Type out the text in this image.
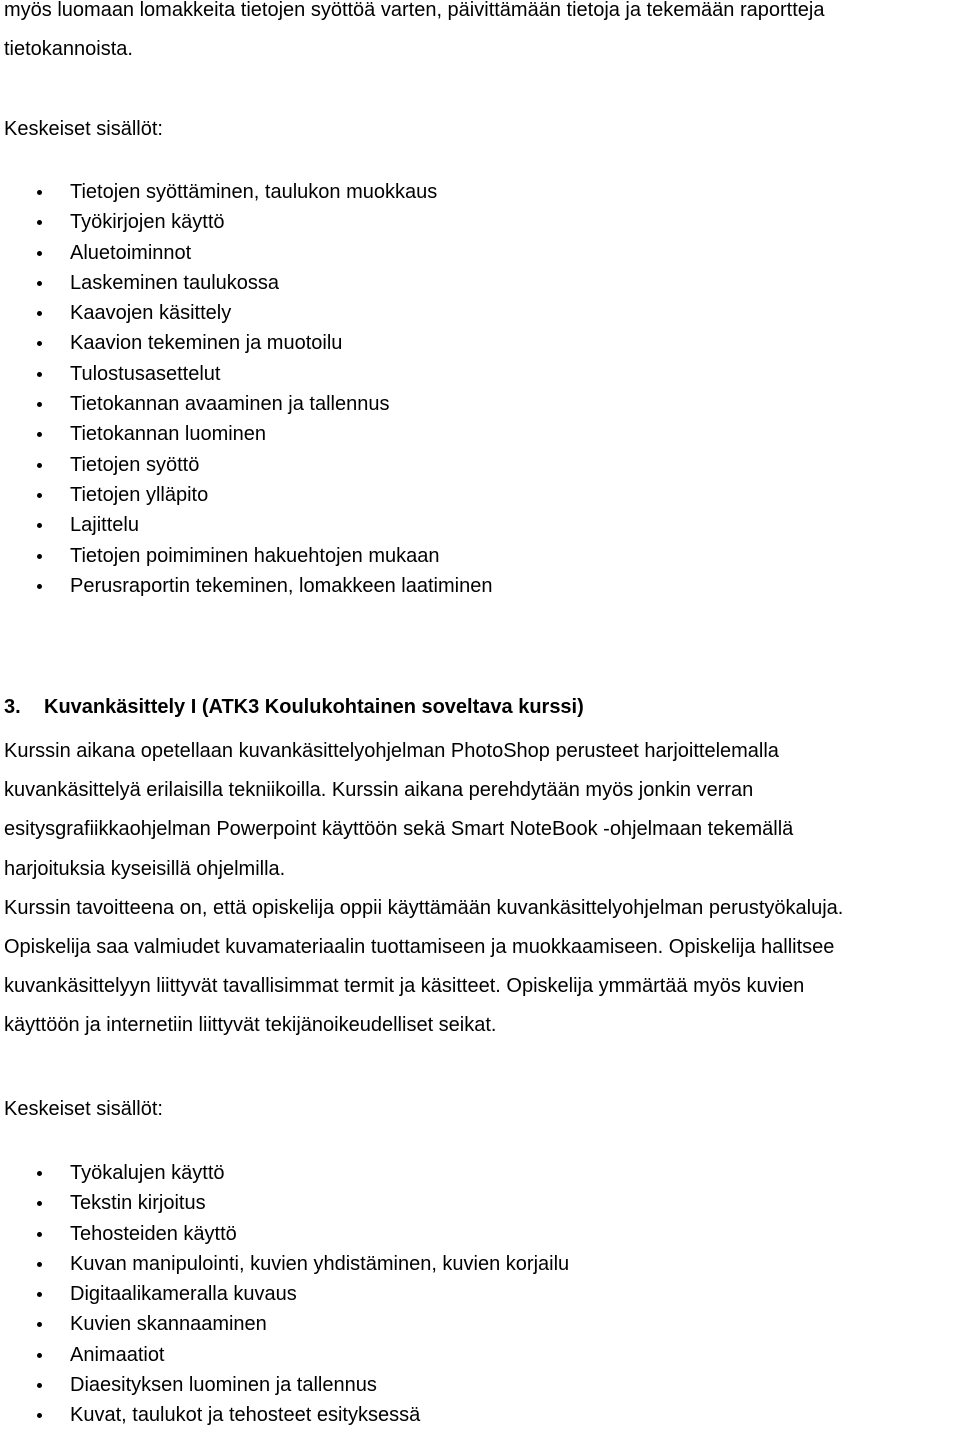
myös luomaan lomakkeita tietojen syöttöä varten, päivittämään tietoja ja tekemään raportteja
tietokannoista.

Keskeiset sisällöt:

Tietojen syöttäminen, taulukon muokkaus
Työkirjojen käyttö
Aluetoiminnot
Laskeminen taulukossa
Kaavojen käsittely
Kaavion tekeminen ja muotoilu
Tulostusasettelut
Tietokannan avaaminen ja tallennus
Tietokannan luominen
Tietojen syöttö
Tietojen ylläpito
Lajittelu
Tietojen poimiminen hakuehtojen mukaan
Perusraportin tekeminen, lomakkeen laatiminen
3. Kuvankäsittely I (ATK3 Koulukohtainen soveltava kurssi)

Kurssin aikana opetellaan kuvankäsittelyohjelman PhotoShop perusteet harjoittelemalla
kuvankäsittelyä erilaisilla tekniikoilla. Kurssin aikana perehdytään myös jonkin verran
esitysgrafiikkaohjelman Powerpoint käyttöön sekä Smart NoteBook -ohjelmaan tekemällä
harjoituksia kyseisillä ohjelmilla.
Kurssin tavoitteena on, että opiskelija oppii käyttämään kuvankäsittelyohjelman perustyökaluja.
Opiskelija saa valmiudet kuvamateriaalin tuottamiseen ja muokkaamiseen. Opiskelija hallitsee
kuvankäsittelyyn liittyvät tavallisimmat termit ja käsitteet. Opiskelija ymmärtää myös kuvien
käyttöön ja internetiin liittyvät tekijänoikeudelliset seikat.

Keskeiset sisällöt:

Työkalujen käyttö
Tekstin kirjoitus
Tehosteiden käyttö
Kuvan manipulointi, kuvien yhdistäminen, kuvien korjailu
Digitaalikameralla kuvaus
Kuvien skannaaminen
Animaatiot
Diaesityksen luominen ja tallennus
Kuvat, taulukot ja tehosteet esityksessä
